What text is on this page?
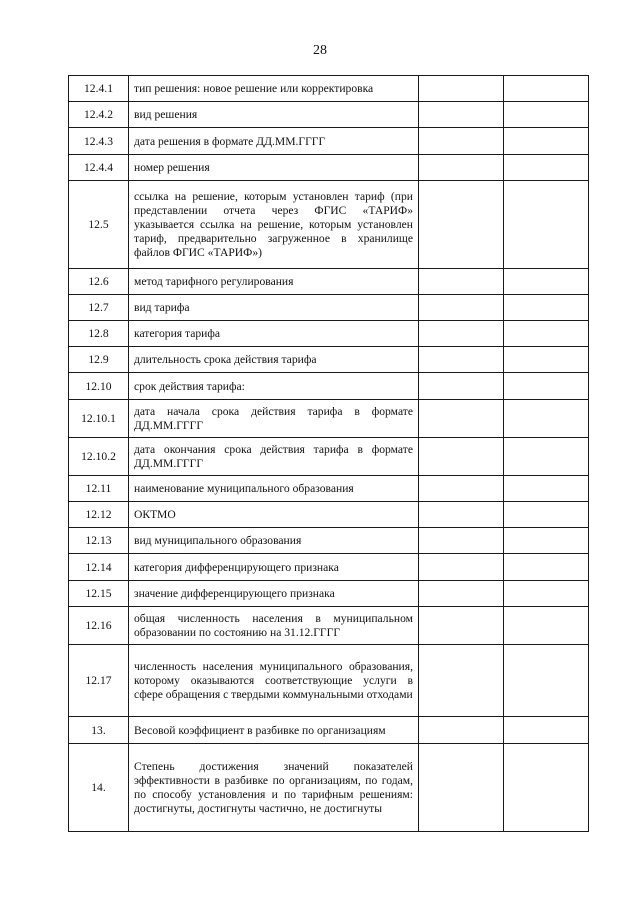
28
12.4.1	тип решения: новое решение или корректировка		
12.4.2	вид решения		
12.4.3	дата решения в формате ДД.ММ.ГГГГ		
12.4.4	номер решения		
12.5	ссылка на решение, которым установлен тариф (при представлении отчета через ФГИС «ТАРИФ» указывается ссылка на решение, которым установлен тариф, предварительно загруженное в хранилище файлов ФГИС «ТАРИФ»)		
12.6	метод тарифного регулирования		
12.7	вид тарифа		
12.8	категория тарифа		
12.9	длительность срока действия тарифа		
12.10	срок действия тарифа:		
12.10.1	дата начала срока действия тарифа в формате ДД.ММ.ГГГГ		
12.10.2	дата окончания срока действия тарифа в формате ДД.ММ.ГГГГ		
12.11	наименование муниципального образования		
12.12	ОКТМО		
12.13	вид муниципального образования		
12.14	категория дифференцирующего признака		
12.15	значение дифференцирующего признака		
12.16	общая численность населения в муниципальном образовании по состоянию на 31.12.ГГГГ		
12.17	численность населения муниципального образования, которому оказываются соответствующие услуги в сфере обращения с твердыми коммунальными отходами		
13.	Весовой коэффициент в разбивке по организациям		
14.	Степень достижения значений показателей эффективности в разбивке по организациям, по годам, по способу установления и по тарифным решениям: достигнуты, достигнуты частично, не достигнуты		
